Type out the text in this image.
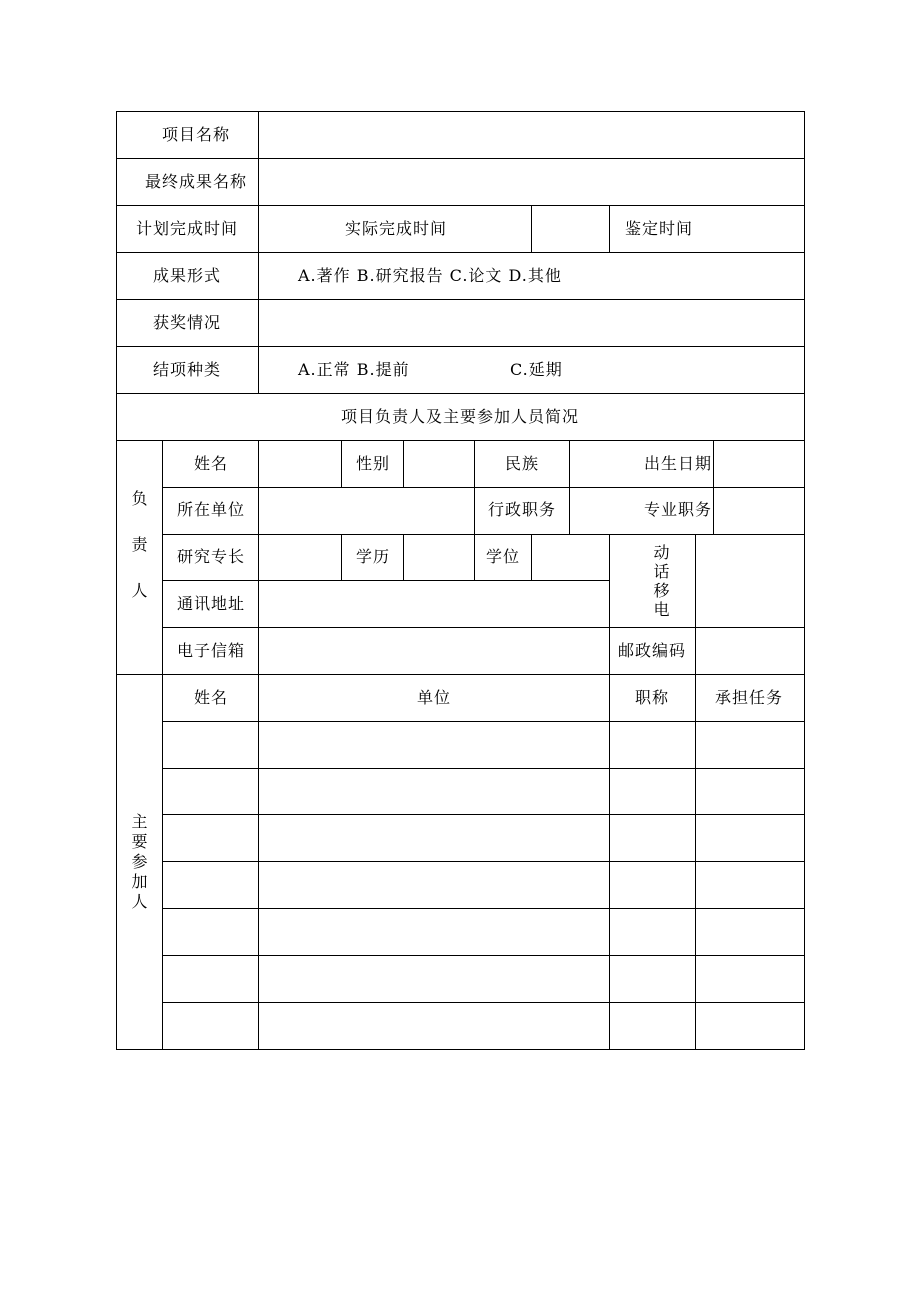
项目名称
最终成果名称
计划完成时间	实际完成时间	鉴定时间
成果形式	A.著作 B.研究报告 C.论文 D.其他
获奖情况
结项种类	A.正常 B.提前	C.延期
项目负责人及主要参加人员简况
负责人
姓名	性别	民族	出生日期
所在单位	行政职务	专业职务
研究专长	学历	学位	动话移电
通讯地址
电子信箱	邮政编码
主要参加人
姓名	单位	职称	承担任务
